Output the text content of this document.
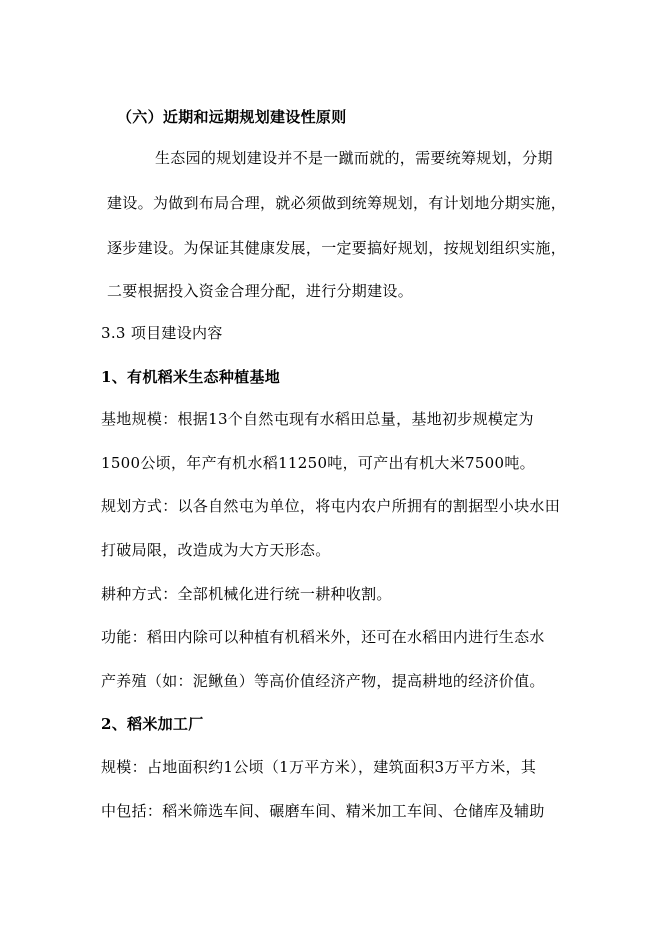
（六）近期和远期规划建设性原则
生态园的规划建设并不是一蹴而就的，需要统筹规划，分期
建设。为做到布局合理，就必须做到统筹规划，有计划地分期实施，
逐步建设。为保证其健康发展，一定要搞好规划，按规划组织实施，
二要根据投入资金合理分配，进行分期建设。
3.3 项目建设内容
1、有机稻米生态种植基地
基地规模：根据13个自然屯现有水稻田总量，基地初步规模定为
1500公顷，年产有机水稻11250吨，可产出有机大米7500吨。
规划方式：以各自然屯为单位，将屯内农户所拥有的割据型小块水田
打破局限，改造成为大方天形态。
耕种方式：全部机械化进行统一耕种收割。
功能：稻田内除可以种植有机稻米外，还可在水稻田内进行生态水
产养殖（如：泥鳅鱼）等高价值经济产物，提高耕地的经济价值。
2、稻米加工厂
规模：占地面积约1公顷（1万平方米），建筑面积3万平方米，其
中包括：稻米筛选车间、碾磨车间、精米加工车间、仓储库及辅助
